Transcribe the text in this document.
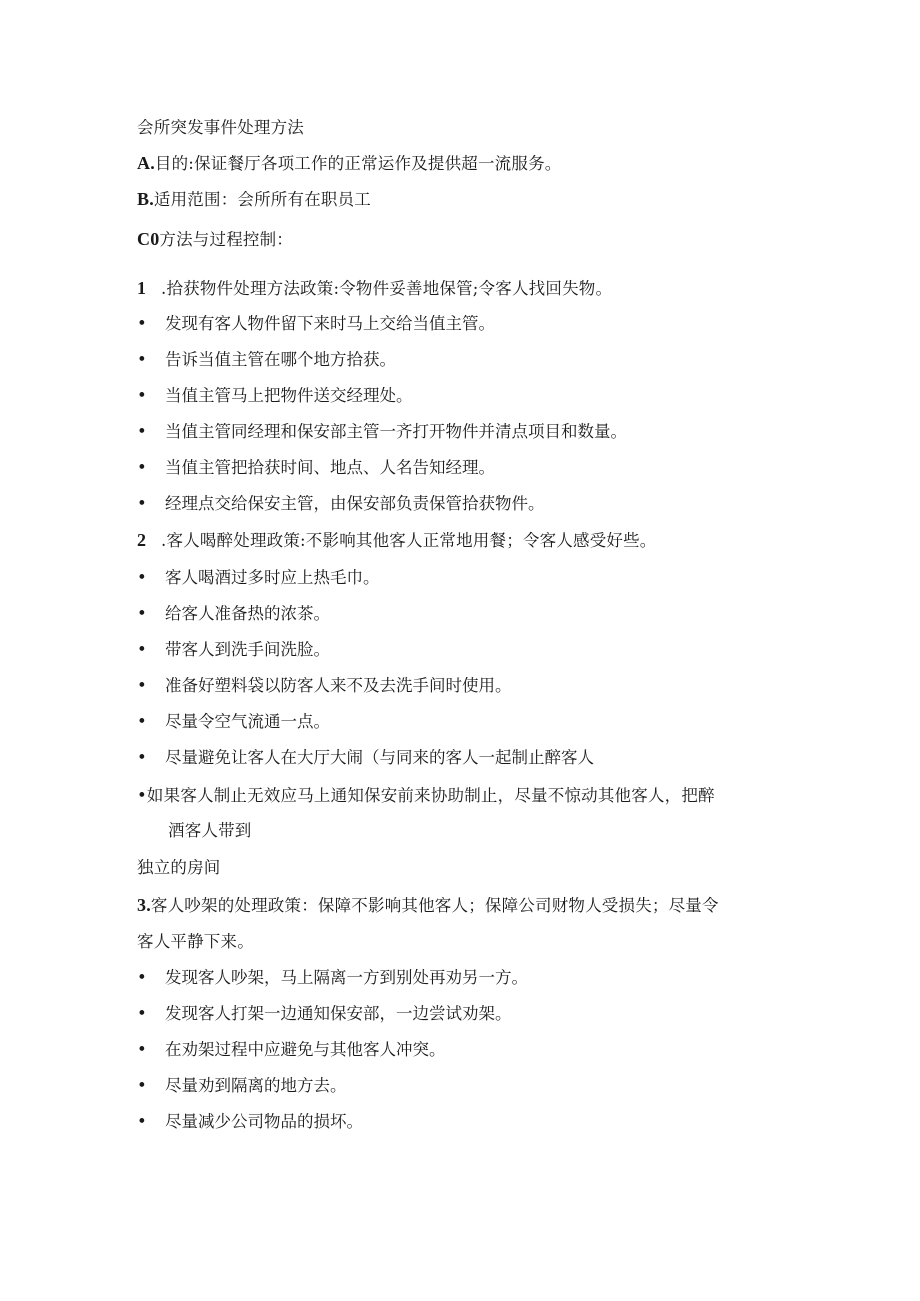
会所突发事件处理方法
A.目的:保证餐厅各项工作的正常运作及提供超一流服务。
B.适用范围：会所所有在职员工
C0方法与过程控制：
1 .拾获物件处理方法政策:令物件妥善地保管;令客人找回失物。
• 发现有客人物件留下来时马上交给当值主管。
• 告诉当值主管在哪个地方拾获。
• 当值主管马上把物件送交经理处。
• 当值主管同经理和保安部主管一齐打开物件并清点项目和数量。
• 当值主管把拾获时间、地点、人名告知经理。
• 经理点交给保安主管，由保安部负责保管拾获物件。
2 .客人喝醉处理政策:不影响其他客人正常地用餐；令客人感受好些。
• 客人喝酒过多时应上热毛巾。
• 给客人准备热的浓茶。
• 带客人到洗手间洗脸。
• 准备好塑料袋以防客人来不及去洗手间时使用。
• 尽量令空气流通一点。
• 尽量避免让客人在大厅大闹（与同来的客人一起制止醉客人
•如果客人制止无效应马上通知保安前来协助制止，尽量不惊动其他客人，把醉
酒客人带到
独立的房间
3.客人吵架的处理政策：保障不影响其他客人；保障公司财物人受损失；尽量令
客人平静下来。
• 发现客人吵架，马上隔离一方到别处再劝另一方。
• 发现客人打架一边通知保安部，一边尝试劝架。
• 在劝架过程中应避免与其他客人冲突。
• 尽量劝到隔离的地方去。
• 尽量减少公司物品的损坏。
